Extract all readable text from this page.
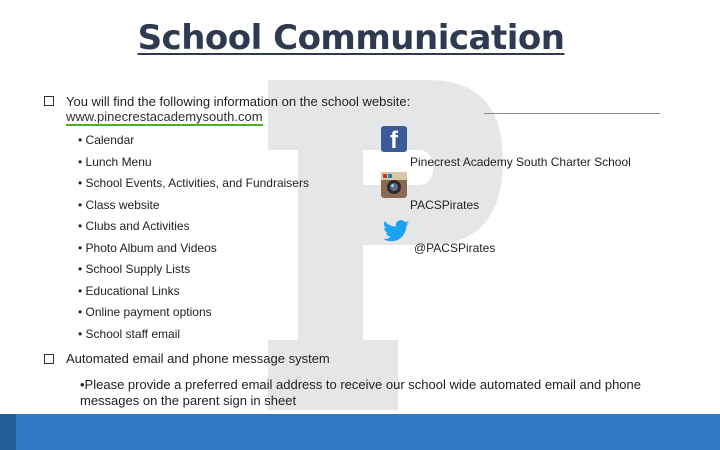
School Communication
You will find the following information on the school website:
www.pinecrestacademysouth.com
• Calendar
• Lunch Menu
• School Events, Activities, and Fundraisers
• Class website
• Clubs and Activities
• Photo Album and Videos
• School Supply Lists
• Educational Links
• Online payment options
• School staff email
f
Pinecrest Academy South Charter School
PACSPirates
@PACSPirates
Automated email and phone message system
•Please provide a preferred email address to receive our school wide automated email and phone messages on the parent sign in sheet
